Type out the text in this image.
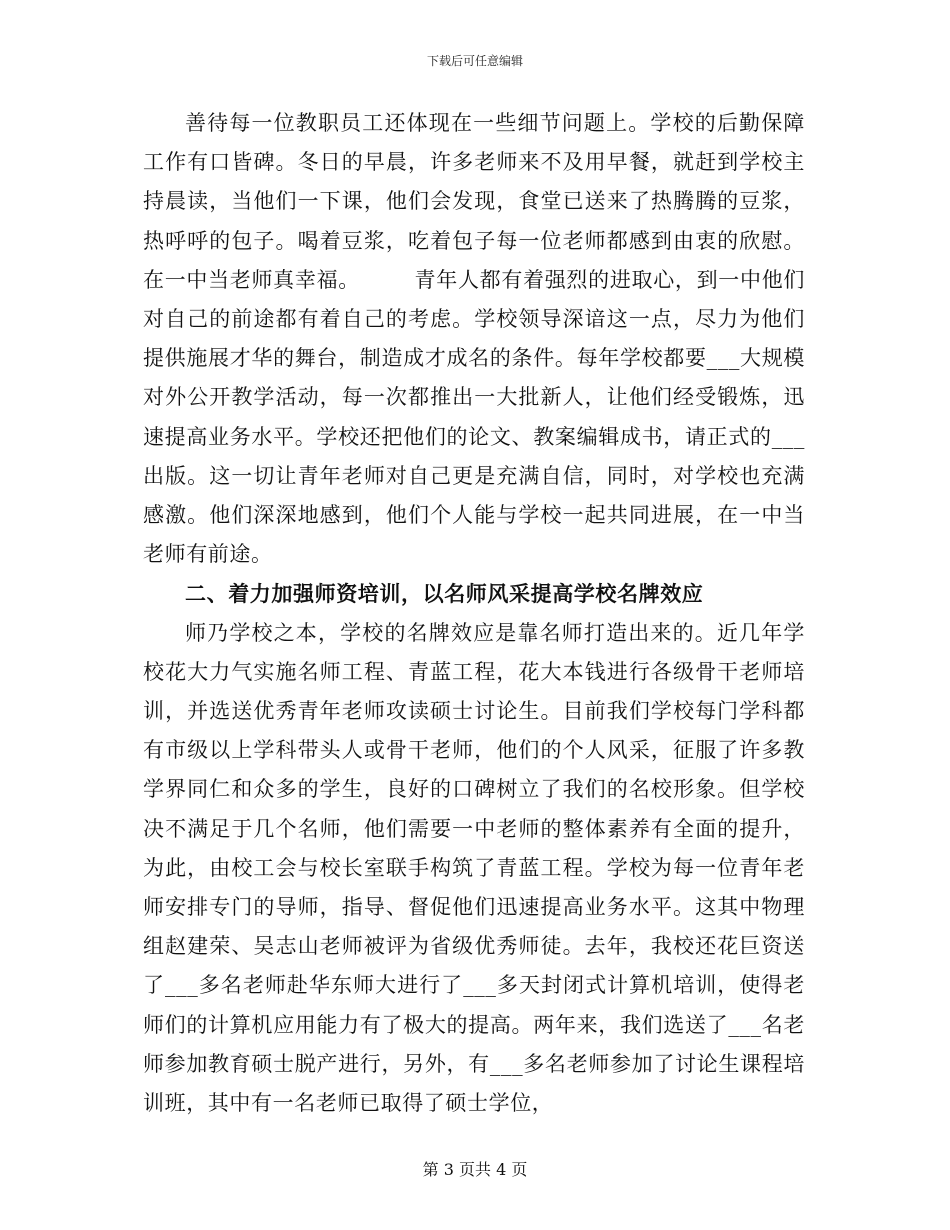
下载后可任意编辑

善待每一位教职员工还体现在一些细节问题上。学校的后勤保障工作有口皆碑。冬日的早晨，许多老师来不及用早餐，就赶到学校主持晨读，当他们一下课，他们会发现，食堂已送来了热腾腾的豆浆，热呼呼的包子。喝着豆浆，吃着包子每一位老师都感到由衷的欣慰。在一中当老师真幸福。　　　青年人都有着强烈的进取心，到一中他们对自己的前途都有着自己的考虑。学校领导深谙这一点，尽力为他们提供施展才华的舞台，制造成才成名的条件。每年学校都要___大规模对外公开教学活动，每一次都推出一大批新人，让他们经受锻炼，迅速提高业务水平。学校还把他们的论文、教案编辑成书，请正式的___出版。这一切让青年老师对自己更是充满自信，同时，对学校也充满感激。他们深深地感到，他们个人能与学校一起共同进展，在一中当老师有前途。

二、着力加强师资培训，以名师风采提高学校名牌效应

师乃学校之本，学校的名牌效应是靠名师打造出来的。近几年学校花大力气实施名师工程、青蓝工程，花大本钱进行各级骨干老师培训，并选送优秀青年老师攻读硕士讨论生。目前我们学校每门学科都有市级以上学科带头人或骨干老师，他们的个人风采，征服了许多教学界同仁和众多的学生，良好的口碑树立了我们的名校形象。但学校决不满足于几个名师，他们需要一中老师的整体素养有全面的提升，为此，由校工会与校长室联手构筑了青蓝工程。学校为每一位青年老师安排专门的导师，指导、督促他们迅速提高业务水平。这其中物理组赵建荣、吴志山老师被评为省级优秀师徒。去年，我校还花巨资送了___多名老师赴华东师大进行了___多天封闭式计算机培训，使得老师们的计算机应用能力有了极大的提高。两年来，我们选送了___名老师参加教育硕士脱产进行，另外，有___多名老师参加了讨论生课程培训班，其中有一名老师已取得了硕士学位，

第 3 页共 4 页
